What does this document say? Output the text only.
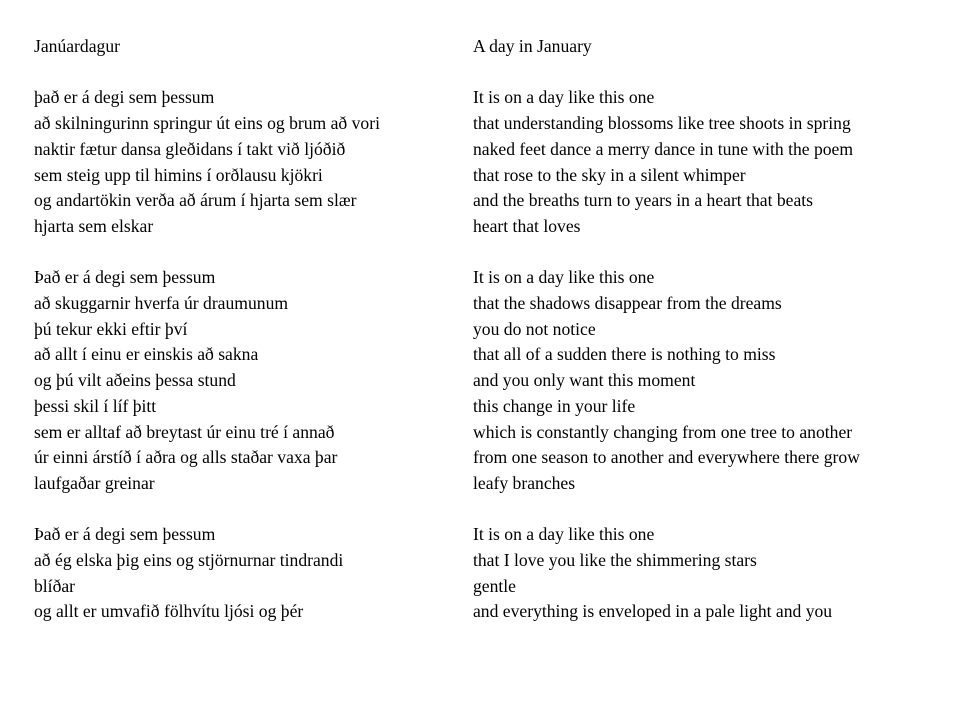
Janúardagur
það er á degi sem þessum
að skilningurinn springur út eins og brum að vori
naktir fætur dansa gleðidans í takt við ljóðið
sem steig upp til himins í orðlausu kjökri
og andartökin verða að árum í hjarta sem slær
hjarta sem elskar
Það er á degi sem þessum
að skuggarnir hverfa úr draumunum
þú tekur ekki eftir því
að allt í einu er einskis að sakna
og þú vilt aðeins þessa stund
þessi skil í líf þitt
sem er alltaf að breytast úr einu tré í annað
úr einni árstíð í aðra og alls staðar vaxa þar
laufgaðar greinar
Það er á degi sem þessum
að ég elska þig eins og stjörnurnar tindrandi
blíðar
og allt er umvafið fölhvítu ljósi og þér
A day in January
It is on a day like this one
that understanding blossoms like tree shoots in spring
naked feet dance a merry dance in tune with the poem
that rose to the sky in a silent whimper
and the breaths turn to years in a heart that beats
heart that loves
It is on a day like this one
that the shadows disappear from the dreams
you do not notice
that all of a sudden there is nothing to miss
and you only want this moment
this change in your life
which is constantly changing from one tree to another
from one season to another and everywhere there grow
leafy branches
It is on a day like this one
that I love you like the shimmering stars
gentle
and everything is enveloped in a pale light and you
